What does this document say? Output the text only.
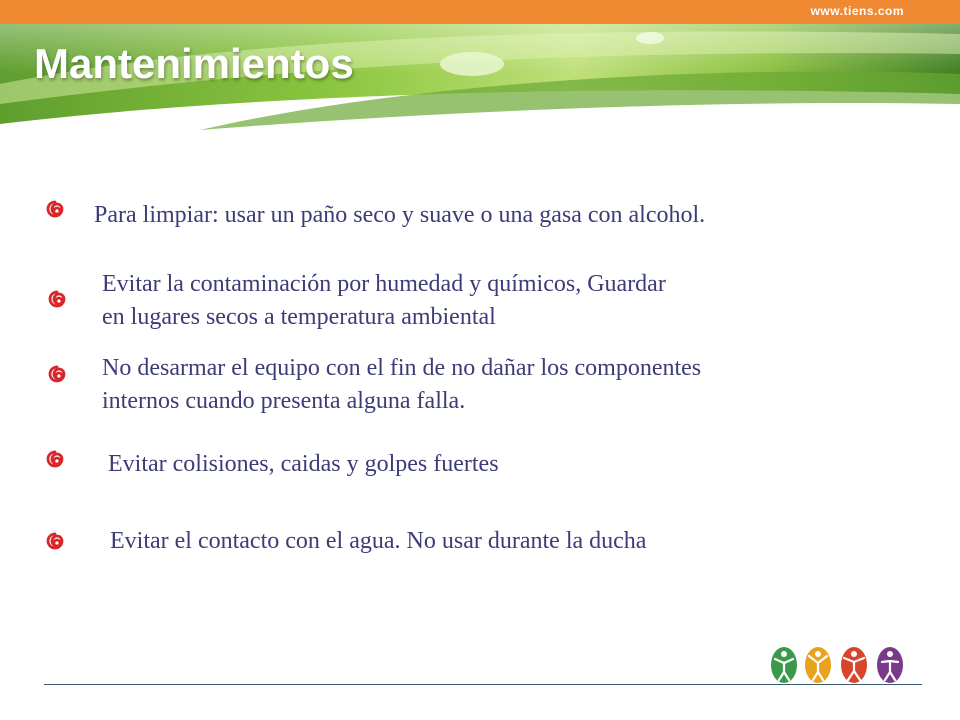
www.tiens.com
Mantenimientos
Para limpiar: usar un paño seco y suave o una gasa con alcohol.
Evitar la contaminación por humedad y químicos, Guardar
en lugares secos a temperatura ambiental
No desarmar el equipo con el fin de no dañar los componentes
internos cuando presenta alguna falla.
Evitar colisiones, caidas y golpes fuertes
Evitar el contacto con el agua. No usar durante la ducha
